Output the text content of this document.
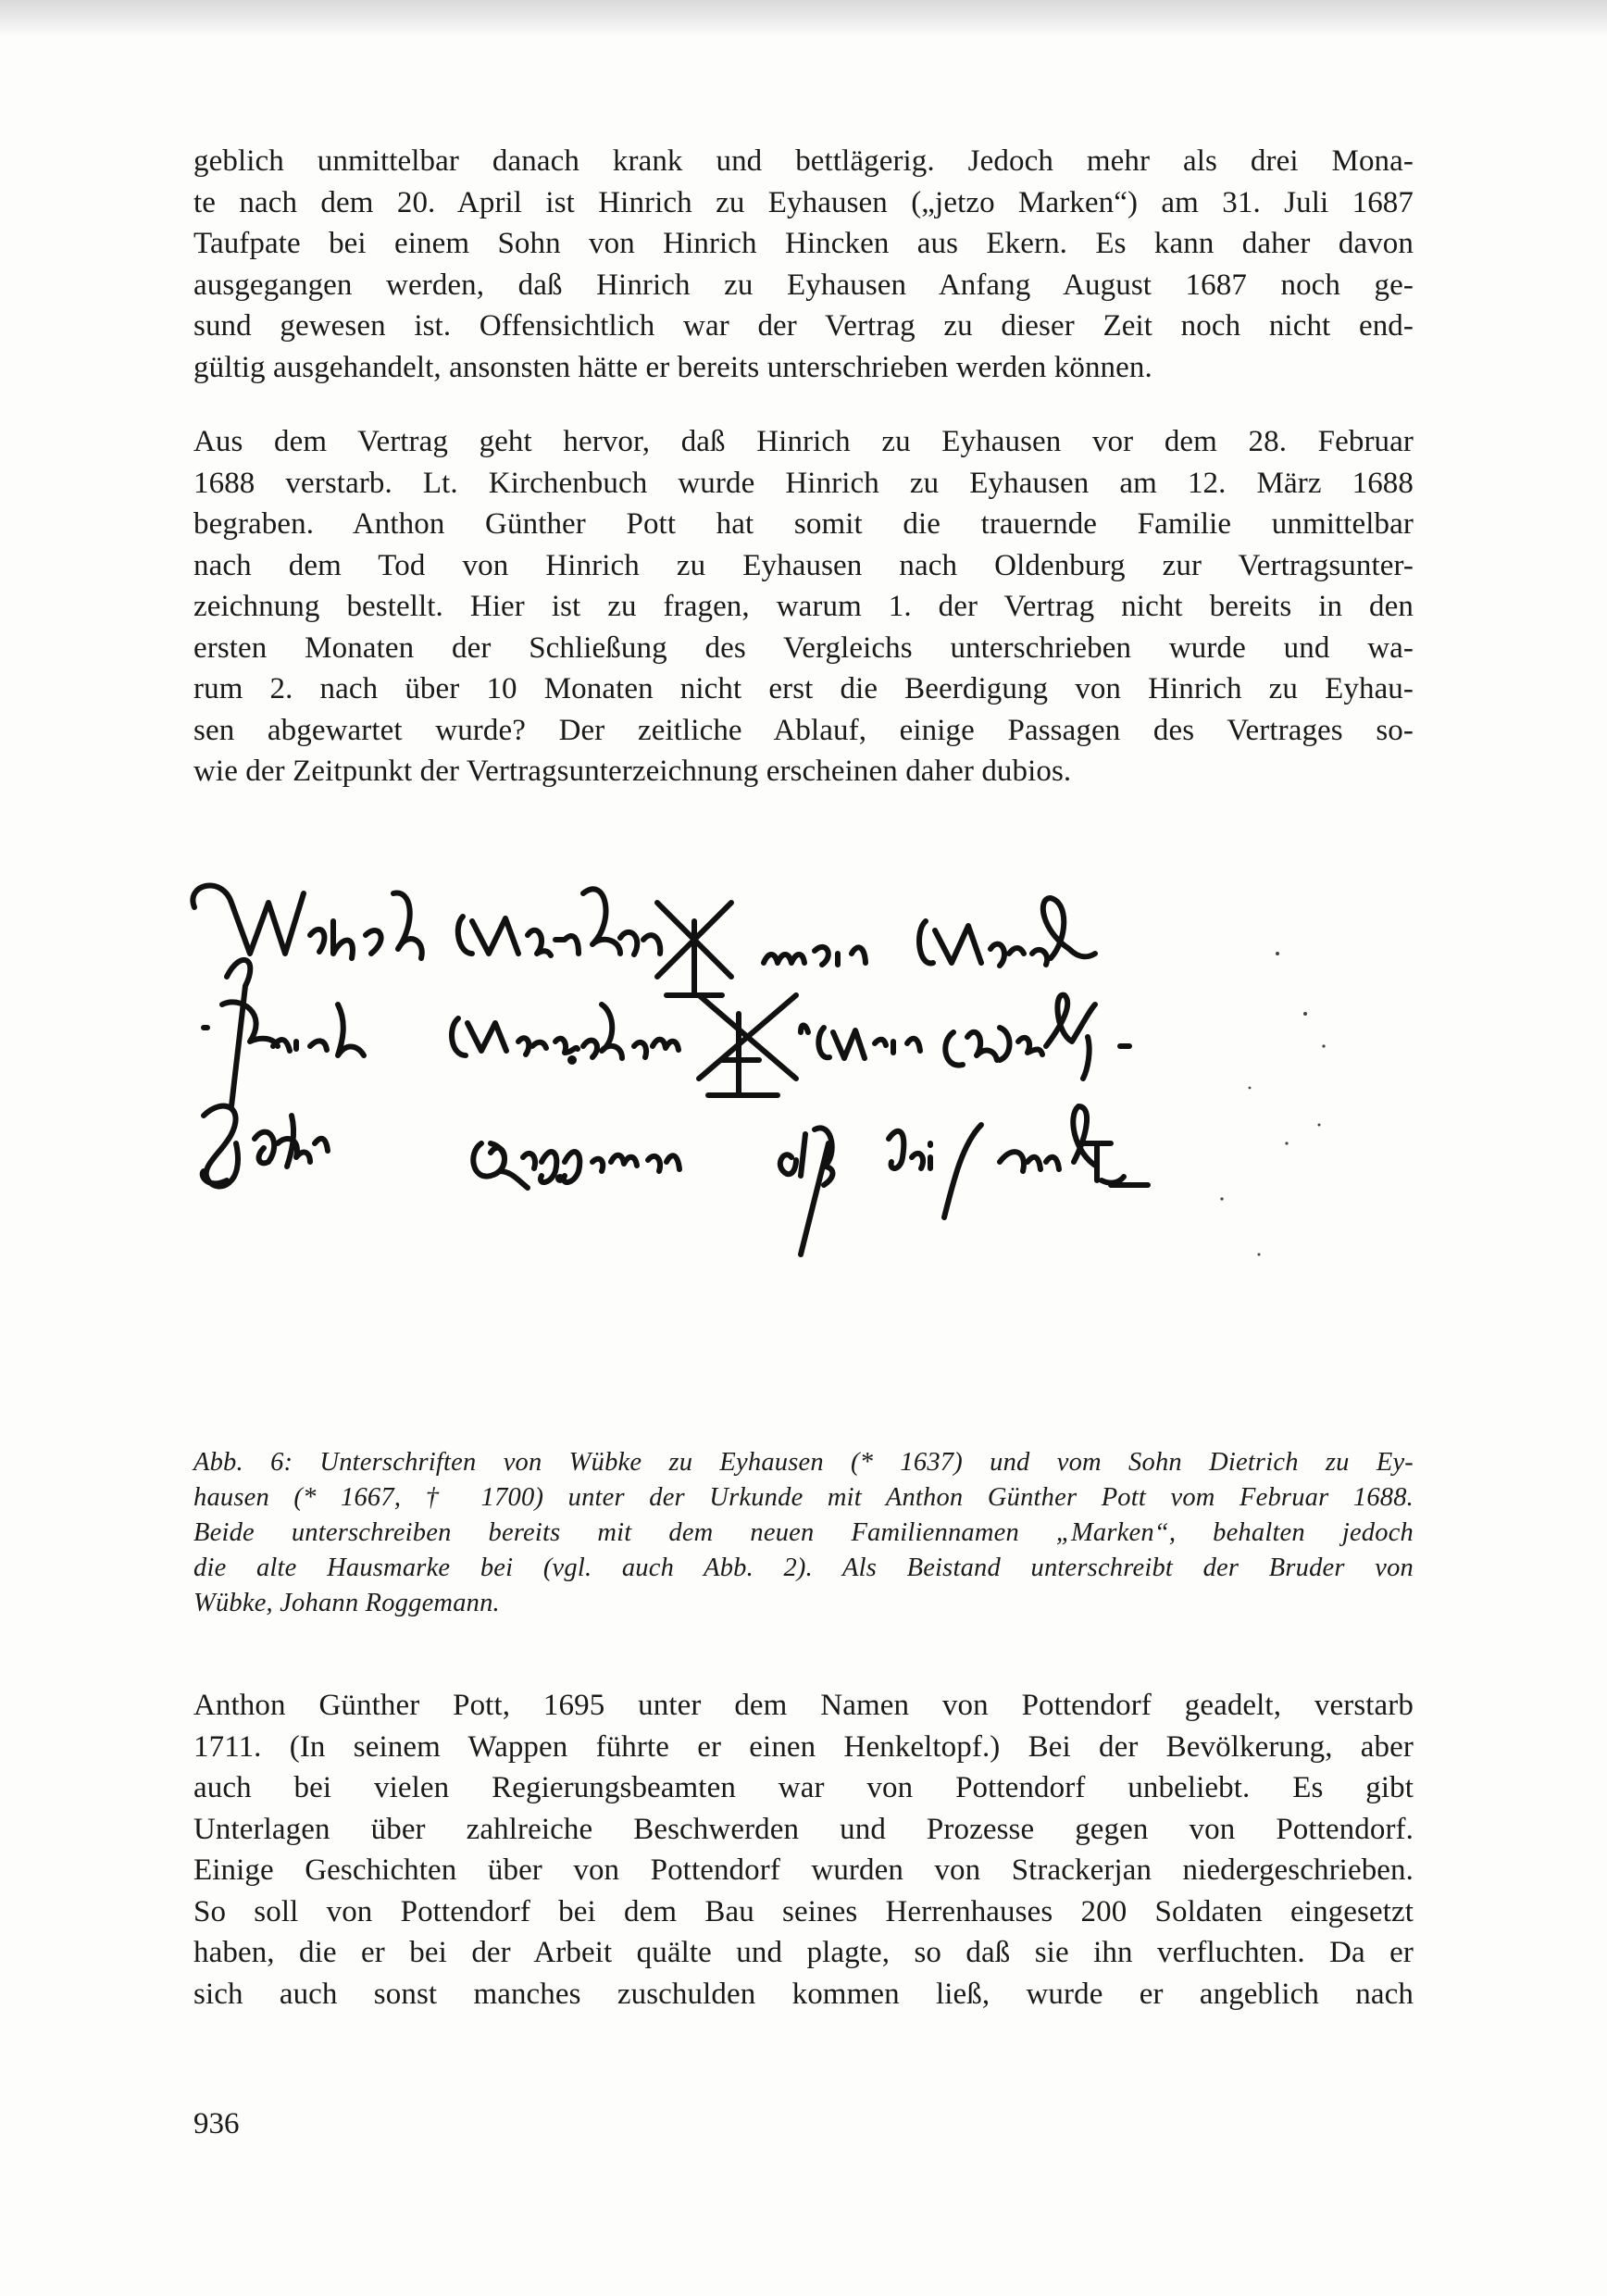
geblich unmittelbar danach krank und bettlägerig. Jedoch mehr als drei Mona-
te nach dem 20. April ist Hinrich zu Eyhausen („jetzo Marken“) am 31. Juli 1687
Taufpate bei einem Sohn von Hinrich Hincken aus Ekern. Es kann daher davon
ausgegangen werden, daß Hinrich zu Eyhausen Anfang August 1687 noch ge-
sund gewesen ist. Offensichtlich war der Vertrag zu dieser Zeit noch nicht end-
gültig ausgehandelt, ansonsten hätte er bereits unterschrieben werden können.

Aus dem Vertrag geht hervor, daß Hinrich zu Eyhausen vor dem 28. Februar
1688 verstarb. Lt. Kirchenbuch wurde Hinrich zu Eyhausen am 12. März 1688
begraben. Anthon Günther Pott hat somit die trauernde Familie unmittelbar
nach dem Tod von Hinrich zu Eyhausen nach Oldenburg zur Vertragsunter-
zeichnung bestellt. Hier ist zu fragen, warum 1. der Vertrag nicht bereits in den
ersten Monaten der Schließung des Vergleichs unterschrieben wurde und wa-
rum 2. nach über 10 Monaten nicht erst die Beerdigung von Hinrich zu Eyhau-
sen abgewartet wurde? Der zeitliche Ablauf, einige Passagen des Vertrages so-
wie der Zeitpunkt der Vertragsunterzeichnung erscheinen daher dubios.

Abb. 6: Unterschriften von Wübke zu Eyhausen (* 1637) und vom Sohn Dietrich zu Ey-
hausen (* 1667, † 1700) unter der Urkunde mit Anthon Günther Pott vom Februar 1688.
Beide unterschreiben bereits mit dem neuen Familiennamen „Marken“, behalten jedoch
die alte Hausmarke bei (vgl. auch Abb. 2). Als Beistand unterschreibt der Bruder von
Wübke, Johann Roggemann.

Anthon Günther Pott, 1695 unter dem Namen von Pottendorf geadelt, verstarb
1711. (In seinem Wappen führte er einen Henkeltopf.) Bei der Bevölkerung, aber
auch bei vielen Regierungsbeamten war von Pottendorf unbeliebt. Es gibt
Unterlagen über zahlreiche Beschwerden und Prozesse gegen von Pottendorf.
Einige Geschichten über von Pottendorf wurden von Strackerjan niedergeschrieben.
So soll von Pottendorf bei dem Bau seines Herrenhauses 200 Soldaten eingesetzt
haben, die er bei der Arbeit quälte und plagte, so daß sie ihn verfluchten. Da er
sich auch sonst manches zuschulden kommen ließ, wurde er angeblich nach

936
